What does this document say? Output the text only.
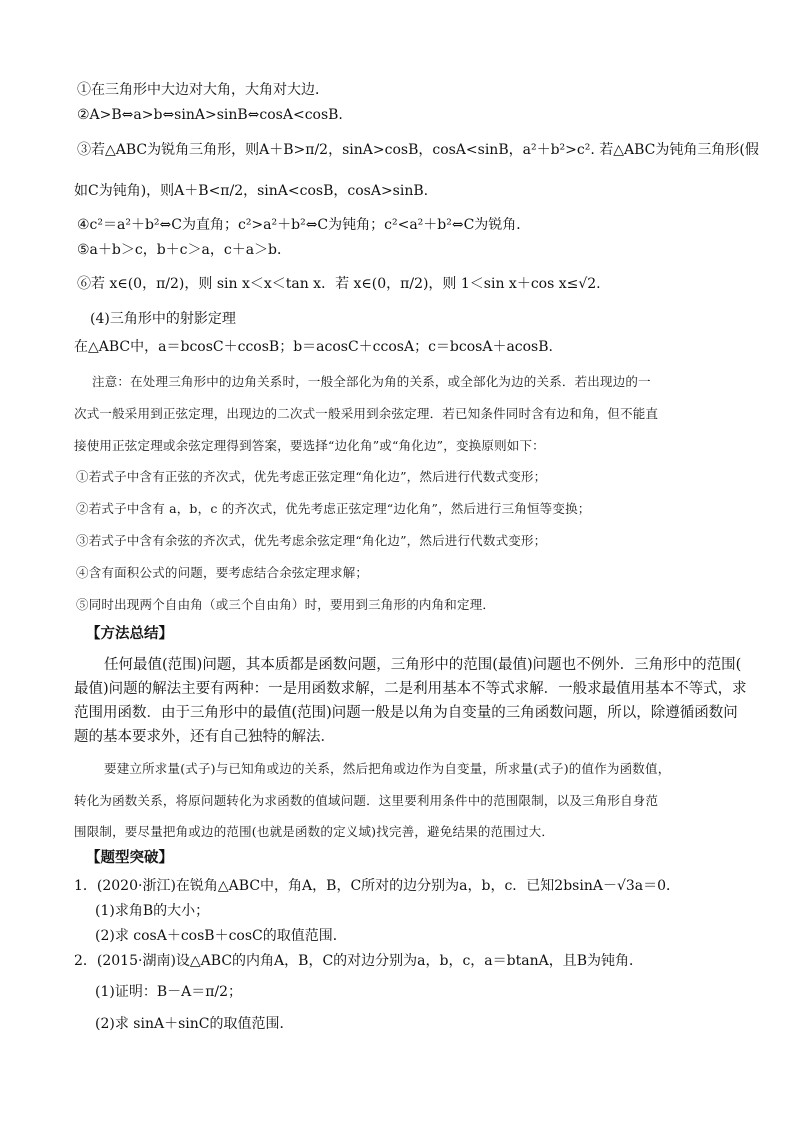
①在三角形中大边对大角，大角对大边．
②A>B⇔a>b⇔sinA>sinB⇔cosA<cosB.
③若△ABC为锐角三角形，则A＋B>π/2，sinA>cosB，cosA<sinB，a²＋b²>c². 若△ABC为钝角三角形(假
如C为钝角)，则A＋B<π/2，sinA<cosB，cosA>sinB.
④c²＝a²＋b²⇔C为直角；c²>a²＋b²⇔C为钝角；c²<a²＋b²⇔C为锐角．
⑤a＋b＞c，b＋c＞a，c＋a＞b．
⑥若 x∈(0，π/2)，则 sin x＜x＜tan x．若 x∈(0，π/2)，则 1＜sin x＋cos x≤√2.
(4)三角形中的射影定理
在△ABC中，a＝bcosC＋ccosB；b＝acosC＋ccosA；c＝bcosA＋acosB.
注意：在处理三角形中的边角关系时，一般全部化为角的关系，或全部化为边的关系．若出现边的一
次式一般采用到正弦定理，出现边的二次式一般采用到余弦定理．若已知条件同时含有边和角，但不能直
接使用正弦定理或余弦定理得到答案，要选择“边化角”或“角化边”，变换原则如下：
①若式子中含有正弦的齐次式，优先考虑正弦定理“角化边”，然后进行代数式变形；
②若式子中含有 a，b，c 的齐次式，优先考虑正弦定理“边化角”，然后进行三角恒等变换；
③若式子中含有余弦的齐次式，优先考虑余弦定理“角化边”，然后进行代数式变形；
④含有面积公式的问题，要考虑结合余弦定理求解；
⑤同时出现两个自由角（或三个自由角）时，要用到三角形的内角和定理．
【方法总结】
任何最值(范围)问题，其本质都是函数问题，三角形中的范围(最值)问题也不例外．三角形中的范围(
最值)问题的解法主要有两种：一是用函数求解，二是利用基本不等式求解．一般求最值用基本不等式，求
范围用函数．由于三角形中的最值(范围)问题一般是以角为自变量的三角函数问题，所以，除遵循函数问
题的基本要求外，还有自己独特的解法．
要建立所求量(式子)与已知角或边的关系，然后把角或边作为自变量，所求量(式子)的值作为函数值，
转化为函数关系，将原问题转化为求函数的值域问题．这里要利用条件中的范围限制，以及三角形自身范
围限制，要尽量把角或边的范围(也就是函数的定义域)找完善，避免结果的范围过大．
【题型突破】
1．(2020·浙江)在锐角△ABC中，角A，B，C所对的边分别为a，b，c．已知2bsinA－√3a＝0．
(1)求角B的大小；
(2)求 cosA＋cosB＋cosC的取值范围．
2．(2015·湖南)设△ABC的内角A，B，C的对边分别为a，b，c，a＝btanA，且B为钝角．
(1)证明：B－A＝π/2；
(2)求 sinA＋sinC的取值范围．
